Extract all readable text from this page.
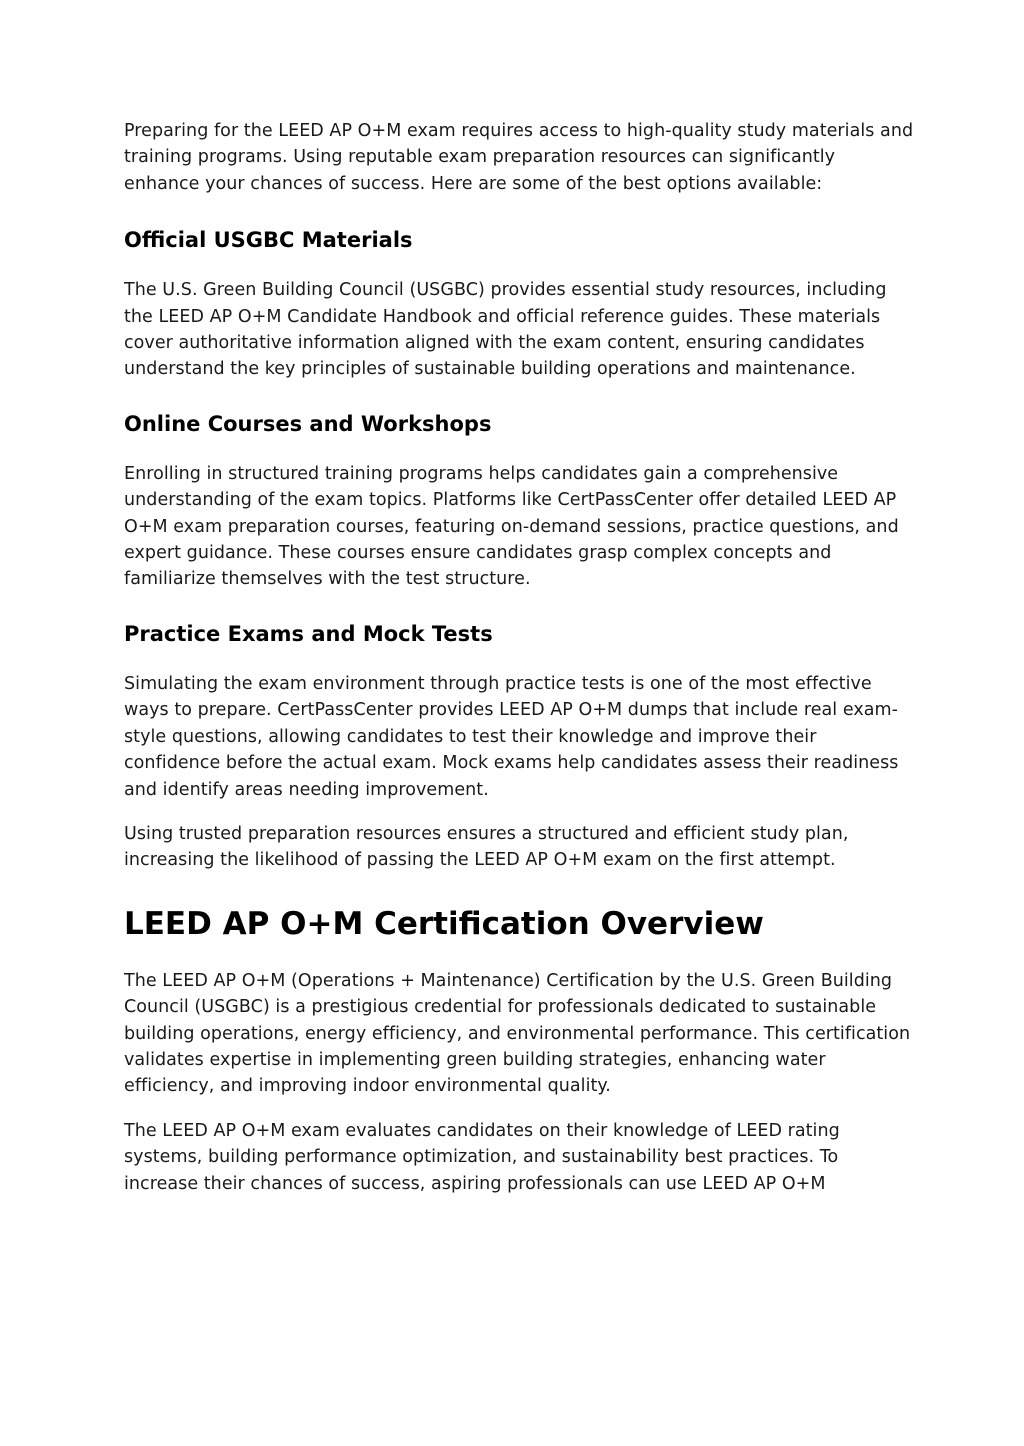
Preparing for the LEED AP O+M exam requires access to high-quality study materials and training programs. Using reputable exam preparation resources can significantly enhance your chances of success. Here are some of the best options available:

Official USGBC Materials

The U.S. Green Building Council (USGBC) provides essential study resources, including the LEED AP O+M Candidate Handbook and official reference guides. These materials cover authoritative information aligned with the exam content, ensuring candidates understand the key principles of sustainable building operations and maintenance.

Online Courses and Workshops

Enrolling in structured training programs helps candidates gain a comprehensive understanding of the exam topics. Platforms like CertPassCenter offer detailed LEED AP O+M exam preparation courses, featuring on-demand sessions, practice questions, and expert guidance. These courses ensure candidates grasp complex concepts and familiarize themselves with the test structure.

Practice Exams and Mock Tests

Simulating the exam environment through practice tests is one of the most effective ways to prepare. CertPassCenter provides LEED AP O+M dumps that include real exam-style questions, allowing candidates to test their knowledge and improve their confidence before the actual exam. Mock exams help candidates assess their readiness and identify areas needing improvement.

Using trusted preparation resources ensures a structured and efficient study plan, increasing the likelihood of passing the LEED AP O+M exam on the first attempt.

LEED AP O+M Certification Overview

The LEED AP O+M (Operations + Maintenance) Certification by the U.S. Green Building Council (USGBC) is a prestigious credential for professionals dedicated to sustainable building operations, energy efficiency, and environmental performance. This certification validates expertise in implementing green building strategies, enhancing water efficiency, and improving indoor environmental quality.

The LEED AP O+M exam evaluates candidates on their knowledge of LEED rating systems, building performance optimization, and sustainability best practices. To increase their chances of success, aspiring professionals can use LEED AP O+M
